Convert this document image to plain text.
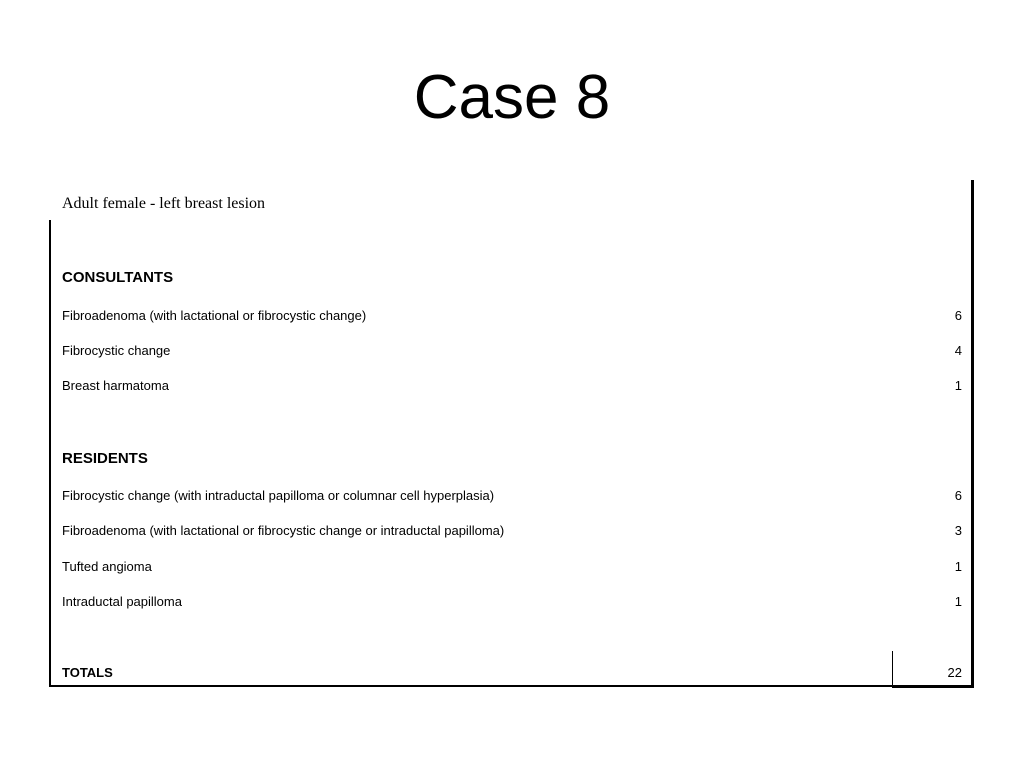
Case 8
Adult female - left breast lesion
CONSULTANTS
Fibroadenoma (with lactational or fibrocystic change)	6
Fibrocystic change	4
Breast harmatoma	1
RESIDENTS
Fibrocystic change (with intraductal papilloma or columnar cell hyperplasia)	6
Fibroadenoma (with lactational or fibrocystic change or intraductal papilloma)	3
Tufted angioma	1
Intraductal papilloma	1
TOTALS	22
